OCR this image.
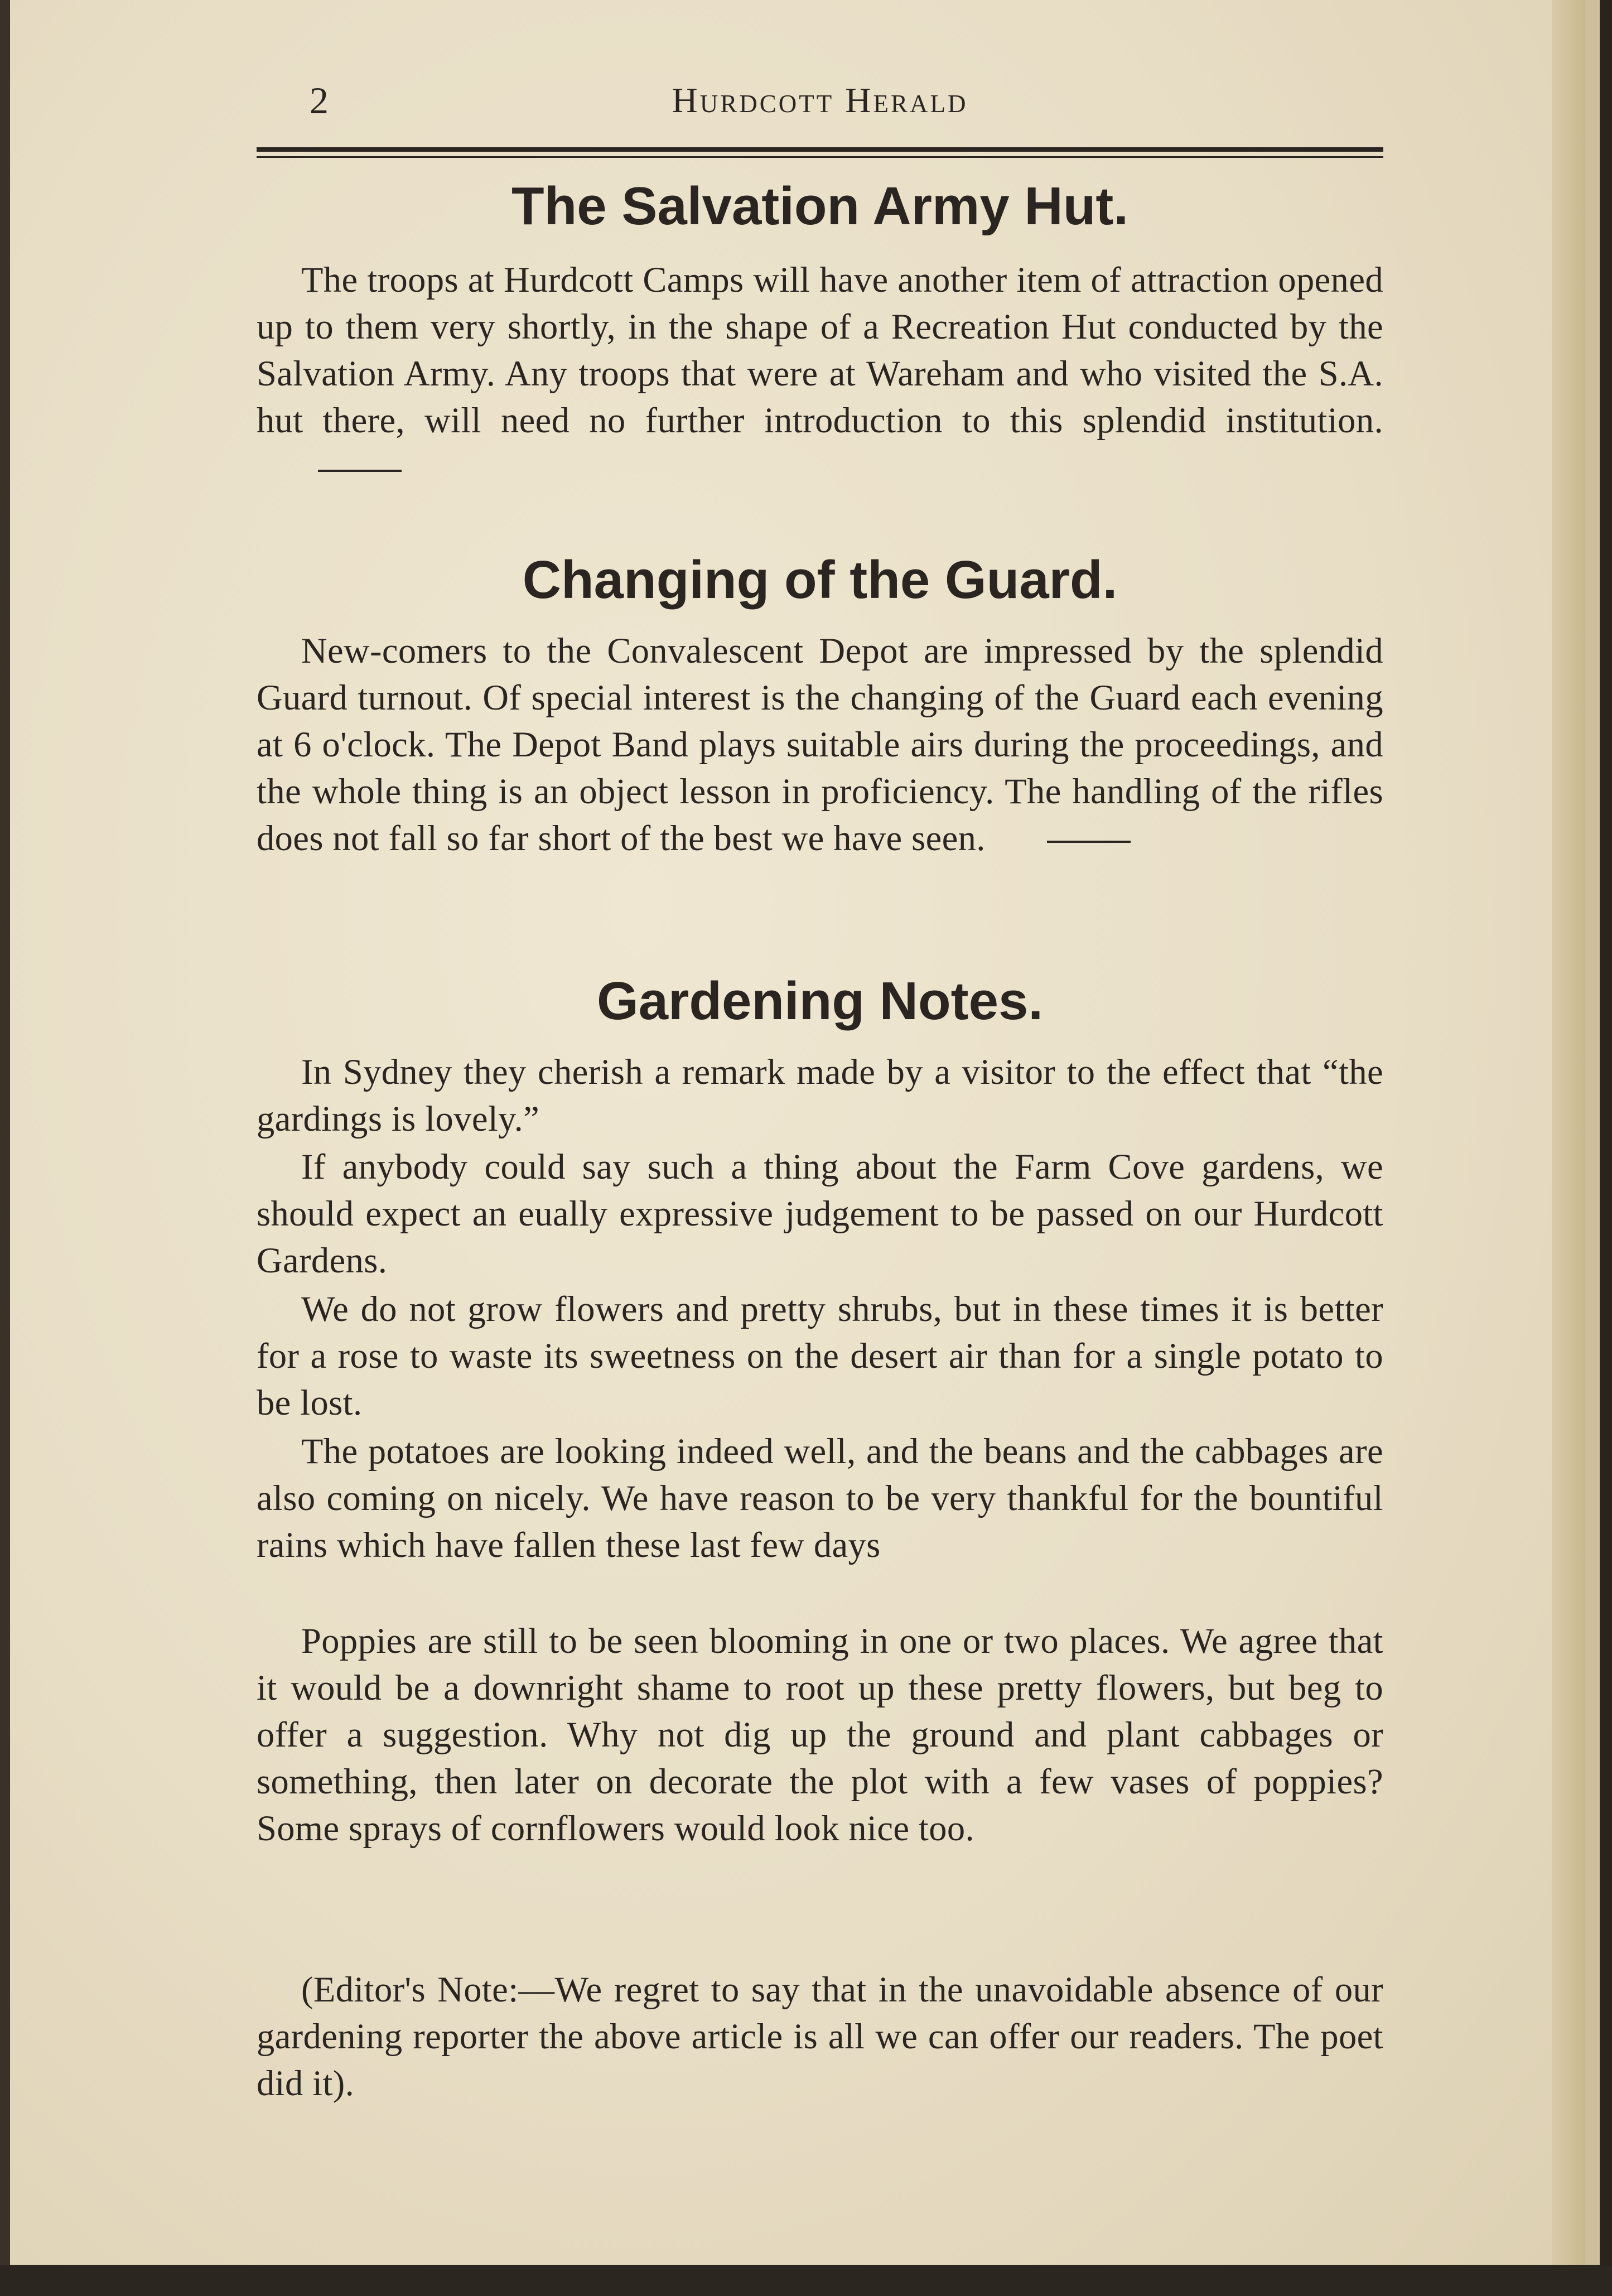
Hurdcott Herald
2
The Salvation Army Hut.
The troops at Hurdcott Camps will have another item of attraction opened up to them very shortly, in the shape of a Recreation Hut conducted by the Salvation Army. Any troops that were at Wareham and who visited the S.A. hut there, will need no further introduction to this splendid institution.
Changing of the Guard.
New-comers to the Convalescent Depot are impressed by the splendid Guard turnout. Of special interest is the changing of the Guard each evening at 6 o'clock. The Depot Band plays suitable airs during the proceedings, and the whole thing is an object lesson in proficiency. The handling of the rifles does not fall so far short of the best we have seen.
Gardening Notes.
In Sydney they cherish a remark made by a visitor to the effect that “the gardings is lovely.”
If anybody could say such a thing about the Farm Cove gardens, we should expect an eually expressive judgement to be passed on our Hurdcott Gardens.
We do not grow flowers and pretty shrubs, but in these times it is better for a rose to waste its sweetness on the desert air than for a single potato to be lost.
The potatoes are looking indeed well, and the beans and the cabbages are also coming on nicely. We have reason to be very thankful for the bountiful rains which have fallen these last few days
Poppies are still to be seen blooming in one or two places. We agree that it would be a downright shame to root up these pretty flowers, but beg to offer a suggestion. Why not dig up the ground and plant cabbages or something, then later on decorate the plot with a few vases of poppies? Some sprays of cornflowers would look nice too.
(Editor's Note:—We regret to say that in the unavoidable absence of our gardening reporter the above article is all we can offer our readers. The poet did it).
